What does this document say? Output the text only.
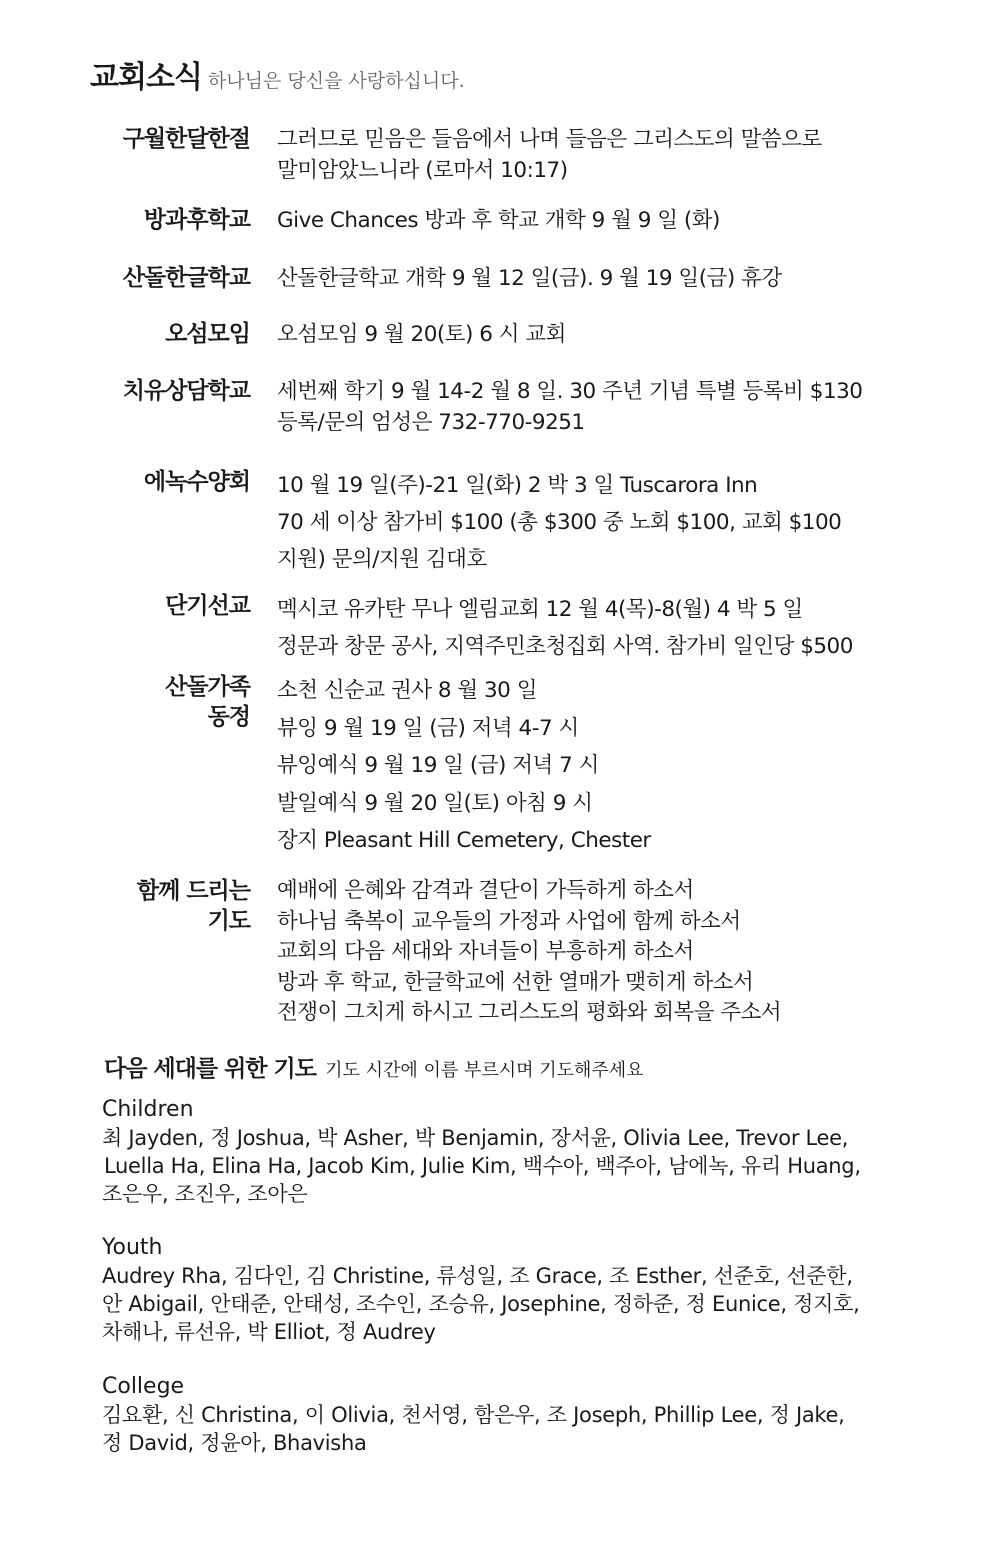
교회소식 하나님은 당신을 사랑하십니다.
구월한달한절 그러므로 믿음은 들음에서 나며 들음은 그리스도의 말씀으로
말미암았느니라 (로마서 10:17)
방과후학교 Give Chances 방과 후 학교 개학 9 월 9 일 (화)
산돌한글학교 산돌한글학교 개학 9 월 12 일(금). 9 월 19 일(금) 휴강
오섬모임 오섬모임 9 월 20(토) 6 시 교회
치유상담학교 세번째 학기 9 월 14-2 월 8 일. 30 주년 기념 특별 등록비 $130
등록/문의 엄성은 732-770-9251
에녹수양회 10 월 19 일(주)-21 일(화) 2 박 3 일 Tuscarora Inn
70 세 이상 참가비 $100 (총 $300 중 노회 $100, 교회 $100
지원) 문의/지원 김대호
단기선교 멕시코 유카탄 무나 엘림교회 12 월 4(목)-8(월) 4 박 5 일
정문과 창문 공사, 지역주민초청집회 사역. 참가비 일인당 $500
산돌가족
동정
소천 신순교 권사 8 월 30 일
뷰잉 9 월 19 일 (금) 저녁 4-7 시
뷰잉예식 9 월 19 일 (금) 저녁 7 시
발일예식 9 월 20 일(토) 아침 9 시
장지 Pleasant Hill Cemetery, Chester
함께 드리는
기도
예배에 은혜와 감격과 결단이 가득하게 하소서
하나님 축복이 교우들의 가정과 사업에 함께 하소서
교회의 다음 세대와 자녀들이 부흥하게 하소서
방과 후 학교, 한글학교에 선한 열매가 맺히게 하소서
전쟁이 그치게 하시고 그리스도의 평화와 회복을 주소서
다음 세대를 위한 기도 기도 시간에 이름 부르시며 기도해주세요
Children
최 Jayden, 정 Joshua, 박 Asher, 박 Benjamin, 장서윤, Olivia Lee, Trevor Lee,
Luella Ha, Elina Ha, Jacob Kim, Julie Kim, 백수아, 백주아, 남에녹, 유리 Huang,
조은우, 조진우, 조아은
Youth
Audrey Rha, 김다인, 김 Christine, 류성일, 조 Grace, 조 Esther, 선준호, 선준한,
안 Abigail, 안태준, 안태성, 조수인, 조승유, Josephine, 정하준, 정 Eunice, 정지호,
차해나, 류선유, 박 Elliot, 정 Audrey
College
김요환, 신 Christina, 이 Olivia, 천서영, 함은우, 조 Joseph, Phillip Lee, 정 Jake,
정 David, 정윤아, Bhavisha
